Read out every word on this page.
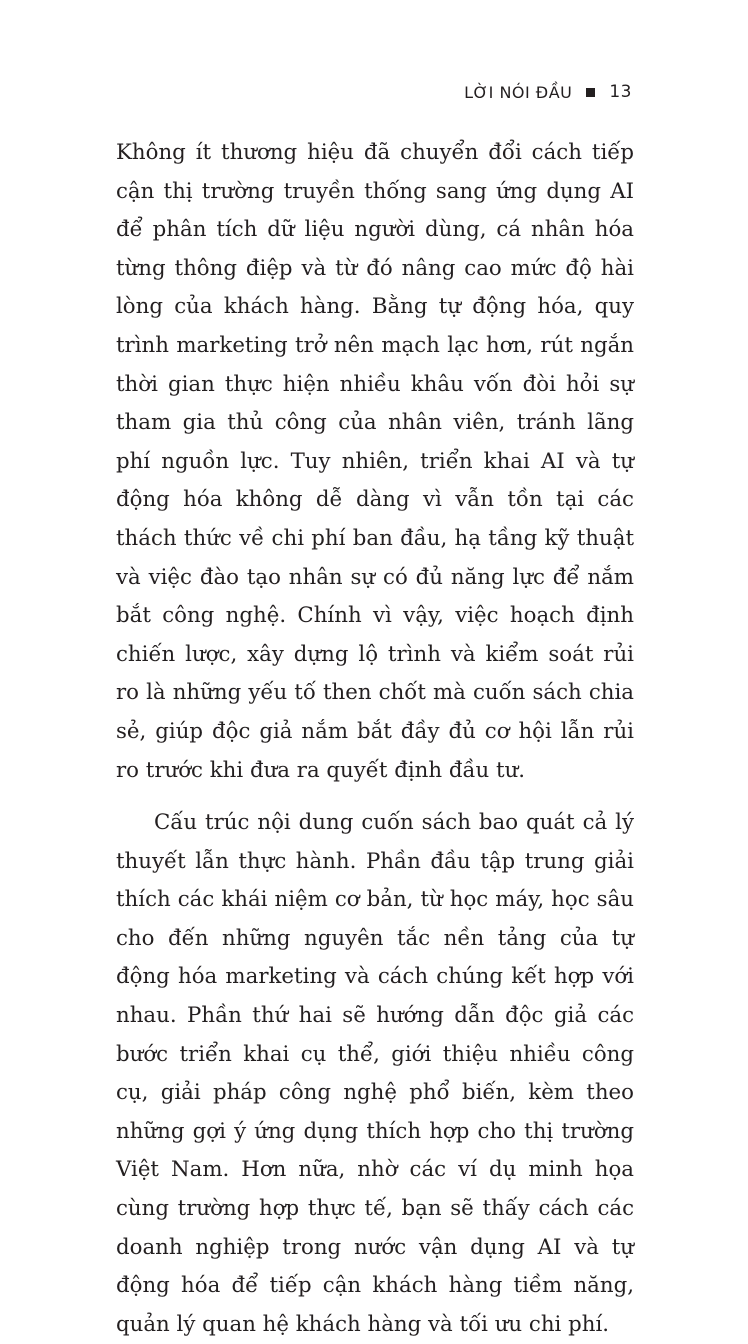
LỜI NÓI ĐẦU 13

Không ít thương hiệu đã chuyển đổi cách tiếp cận thị trường truyền thống sang ứng dụng AI để phân tích dữ liệu người dùng, cá nhân hóa từng thông điệp và từ đó nâng cao mức độ hài lòng của khách hàng. Bằng tự động hóa, quy trình marketing trở nên mạch lạc hơn, rút ngắn thời gian thực hiện nhiều khâu vốn đòi hỏi sự tham gia thủ công của nhân viên, tránh lãng phí nguồn lực. Tuy nhiên, triển khai AI và tự động hóa không dễ dàng vì vẫn tồn tại các thách thức về chi phí ban đầu, hạ tầng kỹ thuật và việc đào tạo nhân sự có đủ năng lực để nắm bắt công nghệ. Chính vì vậy, việc hoạch định chiến lược, xây dựng lộ trình và kiểm soát rủi ro là những yếu tố then chốt mà cuốn sách chia sẻ, giúp độc giả nắm bắt đầy đủ cơ hội lẫn rủi ro trước khi đưa ra quyết định đầu tư.

Cấu trúc nội dung cuốn sách bao quát cả lý thuyết lẫn thực hành. Phần đầu tập trung giải thích các khái niệm cơ bản, từ học máy, học sâu cho đến những nguyên tắc nền tảng của tự động hóa marketing và cách chúng kết hợp với nhau. Phần thứ hai sẽ hướng dẫn độc giả các bước triển khai cụ thể, giới thiệu nhiều công cụ, giải pháp công nghệ phổ biến, kèm theo những gợi ý ứng dụng thích hợp cho thị trường Việt Nam. Hơn nữa, nhờ các ví dụ minh họa cùng trường hợp thực tế, bạn sẽ thấy cách các doanh nghiệp trong nước vận dụng AI và tự động hóa để tiếp cận khách hàng tiềm năng, quản lý quan hệ khách hàng và tối ưu chi phí.
